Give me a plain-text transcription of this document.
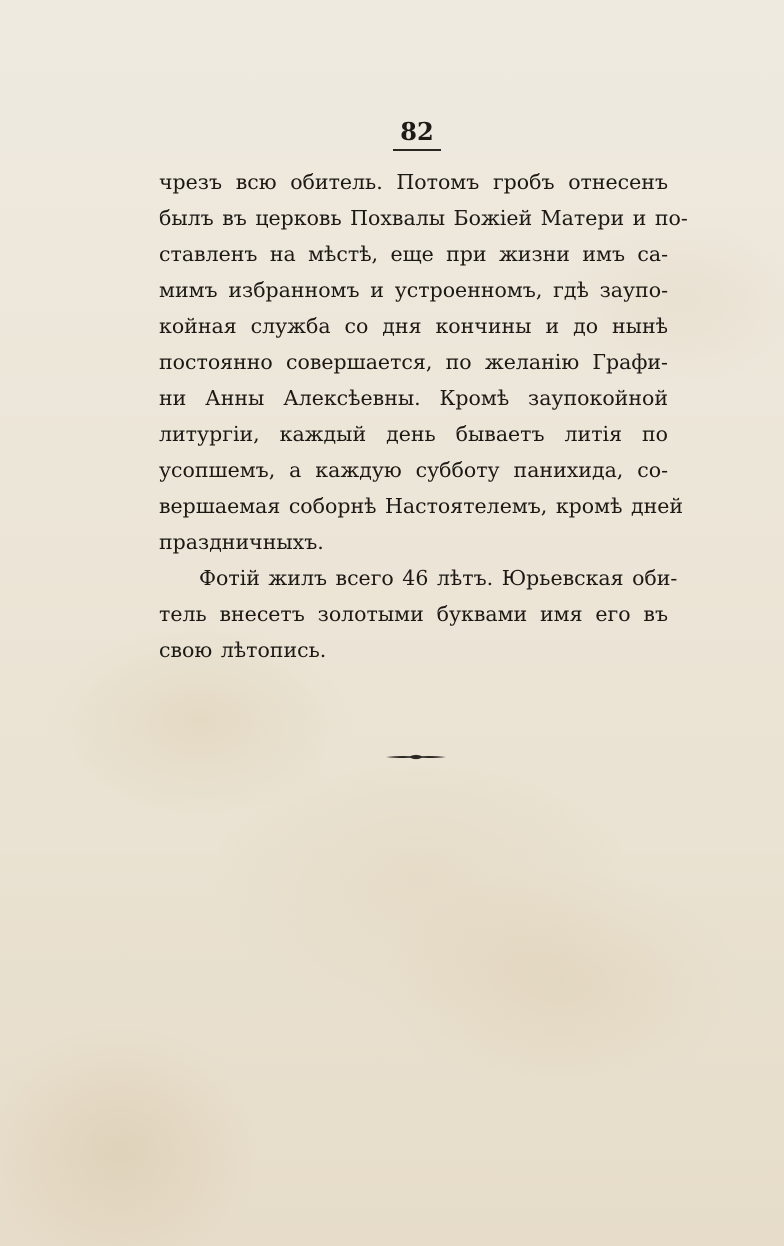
82
чрезъ всю обитель. Потомъ гробъ отнесенъ
былъ въ церковь Похвалы Божіей Матери и по-
ставленъ на мѣстѣ, еще при жизни имъ са-
мимъ избранномъ и устроенномъ, гдѣ заупо-
койная служба со дня кончины и до нынѣ
постоянно совершается, по желанію Графи-
ни Анны Алексѣевны. Кромѣ заупокойной
литургіи, каждый день бываетъ литія по
усопшемъ, а каждую субботу панихида, со-
вершаемая соборнѣ Настоятелемъ, кромѣ дней
праздничныхъ.
Фотій жилъ всего 46 лѣтъ. Юрьевская оби-
тель внесетъ золотыми буквами имя его въ
свою лѣтопись.
